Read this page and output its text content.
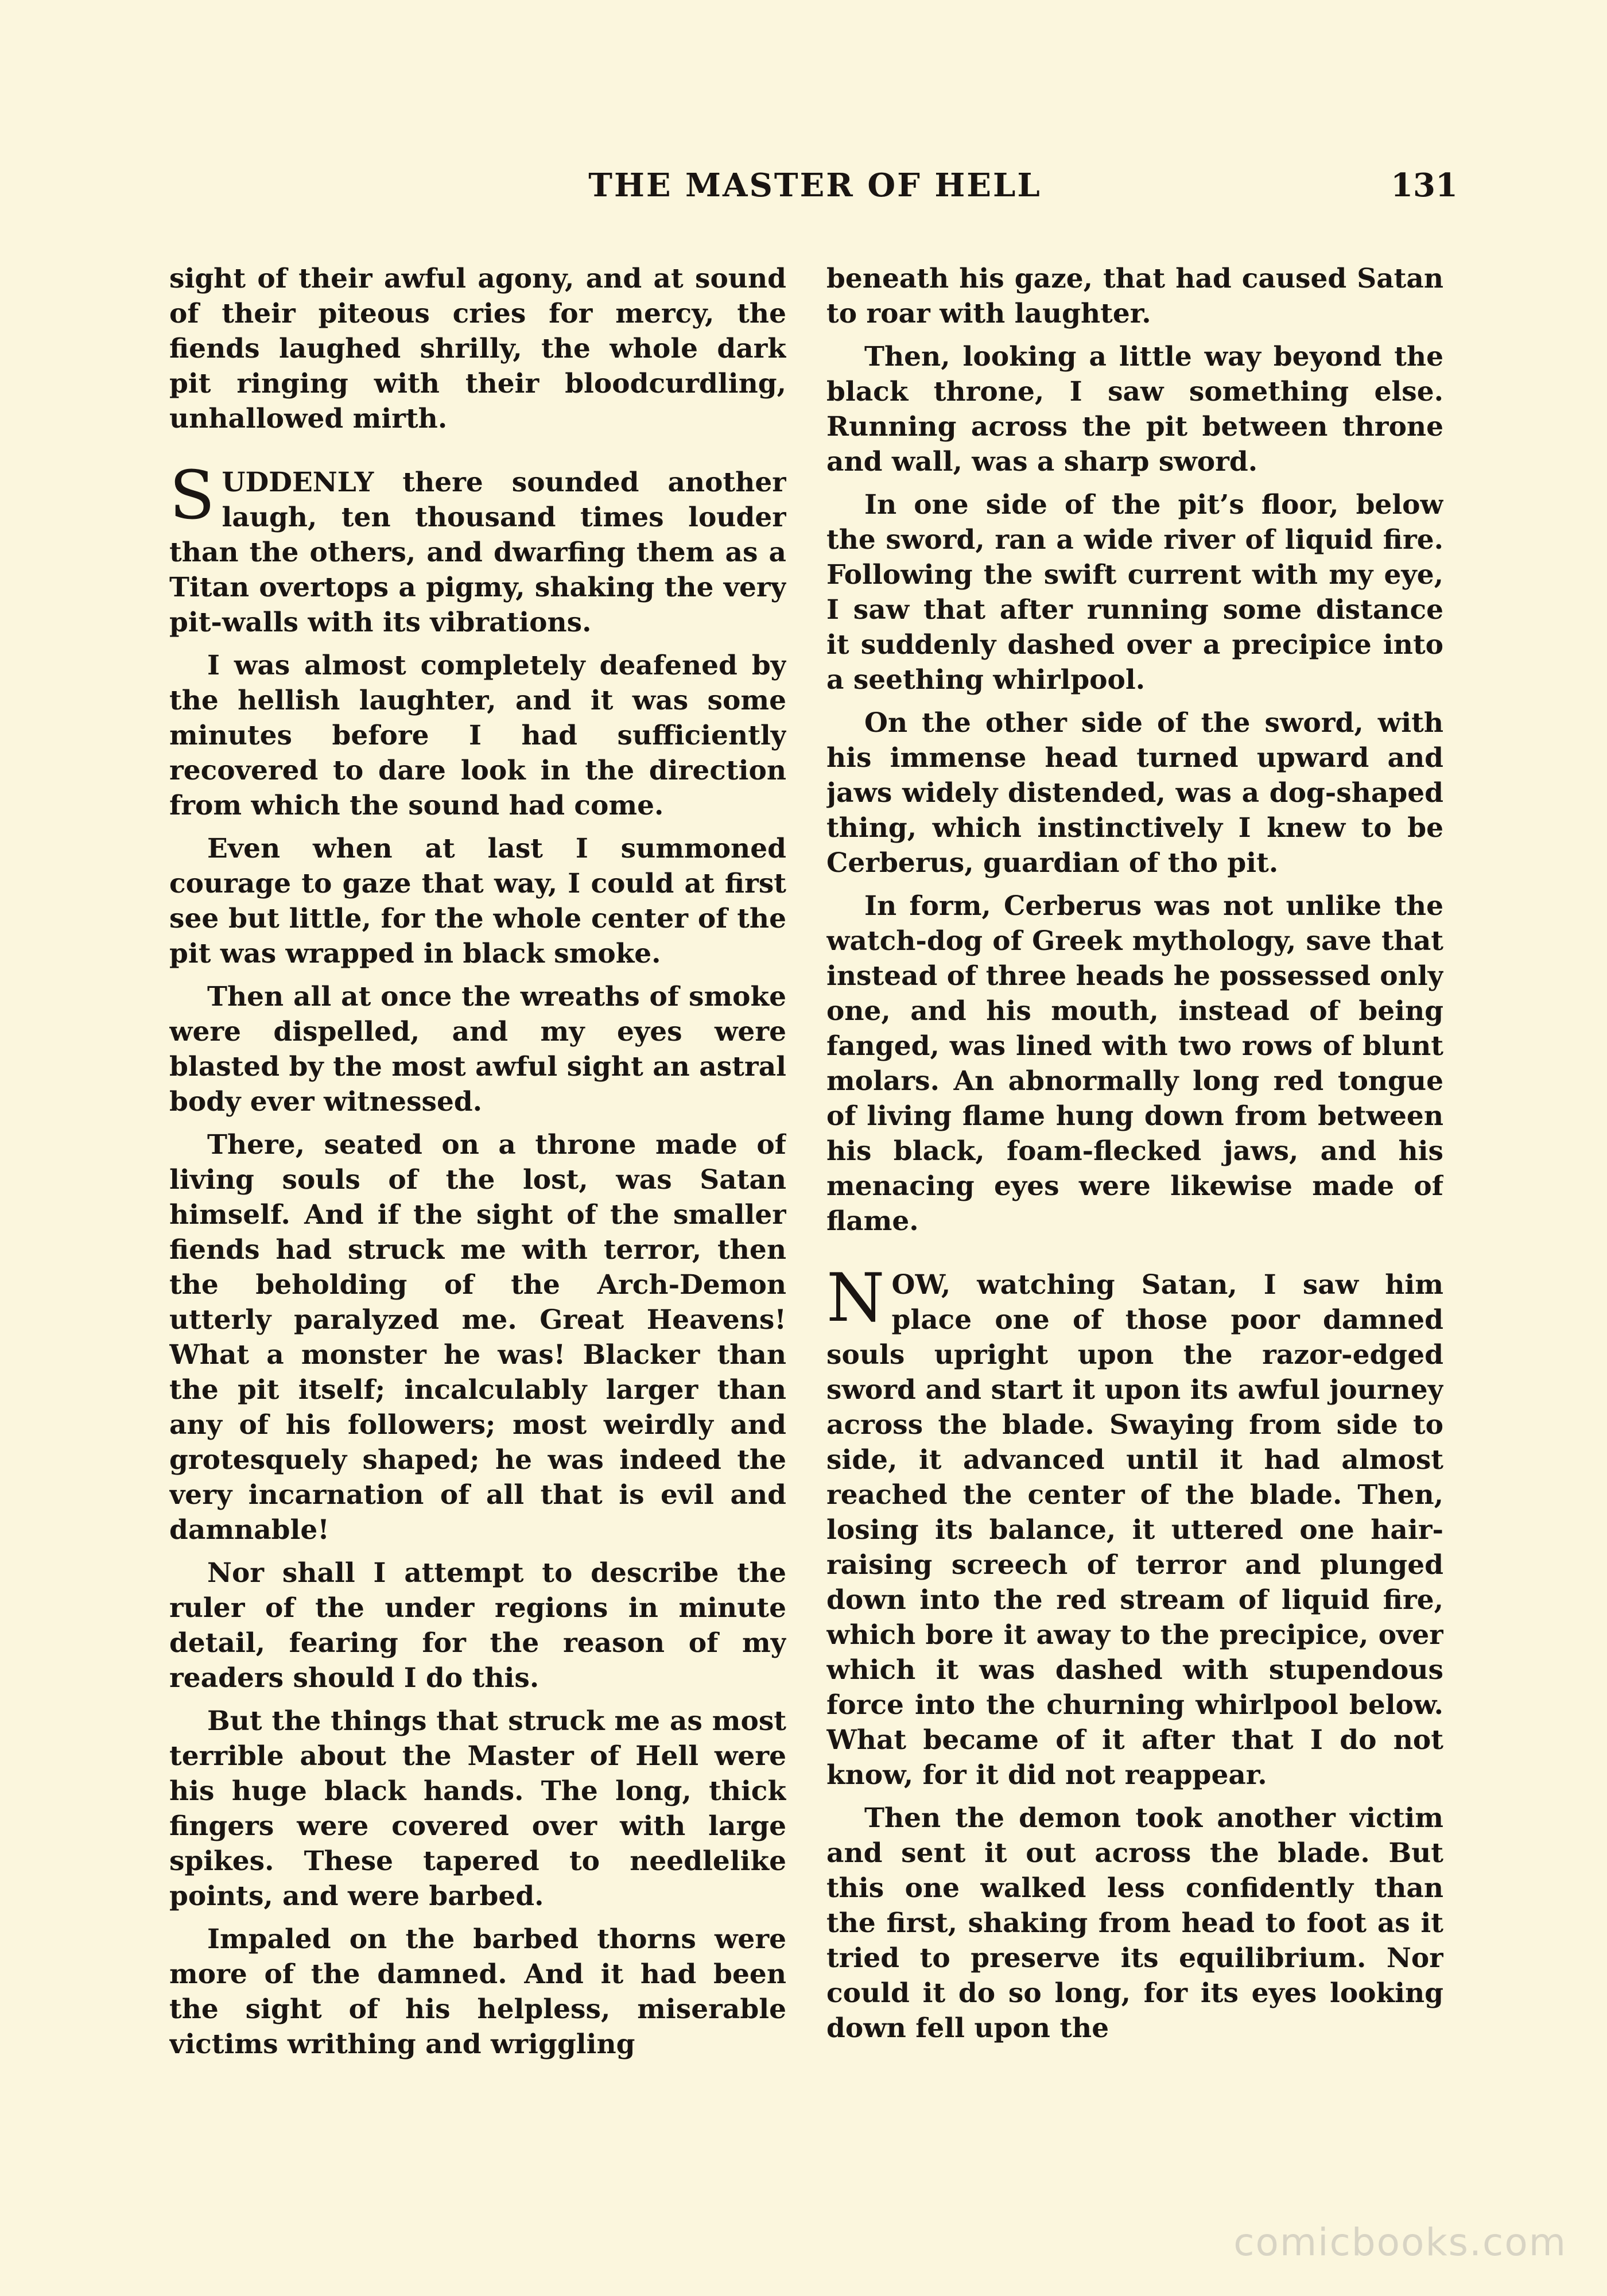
THE MASTER OF HELL	131

sight of their awful agony, and at sound of their piteous cries for mercy, the fiends laughed shrilly, the whole dark pit ringing with their bloodcurdling, unhallowed mirth.

SUDDENLY there sounded another laugh, ten thousand times louder than the others, and dwarfing them as a Titan overtops a pigmy, shaking the very pit-walls with its vibrations.

I was almost completely deafened by the hellish laughter, and it was some minutes before I had sufficiently recovered to dare look in the direction from which the sound had come.

Even when at last I summoned courage to gaze that way, I could at first see but little, for the whole center of the pit was wrapped in black smoke.

Then all at once the wreaths of smoke were dispelled, and my eyes were blasted by the most awful sight an astral body ever witnessed.

There, seated on a throne made of living souls of the lost, was Satan himself. And if the sight of the smaller fiends had struck me with terror, then the beholding of the Arch-Demon utterly paralyzed me. Great Heavens! What a monster he was! Blacker than the pit itself; incalculably larger than any of his followers; most weirdly and grotesquely shaped; he was indeed the very incarnation of all that is evil and damnable!

Nor shall I attempt to describe the ruler of the under regions in minute detail, fearing for the reason of my readers should I do this.

But the things that struck me as most terrible about the Master of Hell were his huge black hands. The long, thick fingers were covered over with large spikes. These tapered to needlelike points, and were barbed.

Impaled on the barbed thorns were more of the damned. And it had been the sight of his helpless, miserable victims writhing and wriggling

beneath his gaze, that had caused Satan to roar with laughter.

Then, looking a little way beyond the black throne, I saw something else. Running across the pit between throne and wall, was a sharp sword.

In one side of the pit’s floor, below the sword, ran a wide river of liquid fire. Following the swift current with my eye, I saw that after running some distance it suddenly dashed over a precipice into a seething whirlpool.

On the other side of the sword, with his immense head turned upward and jaws widely distended, was a dog-shaped thing, which instinctively I knew to be Cerberus, guardian of tho pit.

In form, Cerberus was not unlike the watch-dog of Greek mythology, save that instead of three heads he possessed only one, and his mouth, instead of being fanged, was lined with two rows of blunt molars. An abnormally long red tongue of living flame hung down from between his black, foam-flecked jaws, and his menacing eyes were likewise made of flame.

NOW, watching Satan, I saw him place one of those poor damned souls upright upon the razor-edged sword and start it upon its awful journey across the blade. Swaying from side to side, it advanced until it had almost reached the center of the blade. Then, losing its balance, it uttered one hair-raising screech of terror and plunged down into the red stream of liquid fire, which bore it away to the precipice, over which it was dashed with stupendous force into the churning whirlpool below. What became of it after that I do not know, for it did not reappear.

Then the demon took another victim and sent it out across the blade. But this one walked less confidently than the first, shaking from head to foot as it tried to preserve its equilibrium. Nor could it do so long, for its eyes looking down fell upon the

comicbooks.com
